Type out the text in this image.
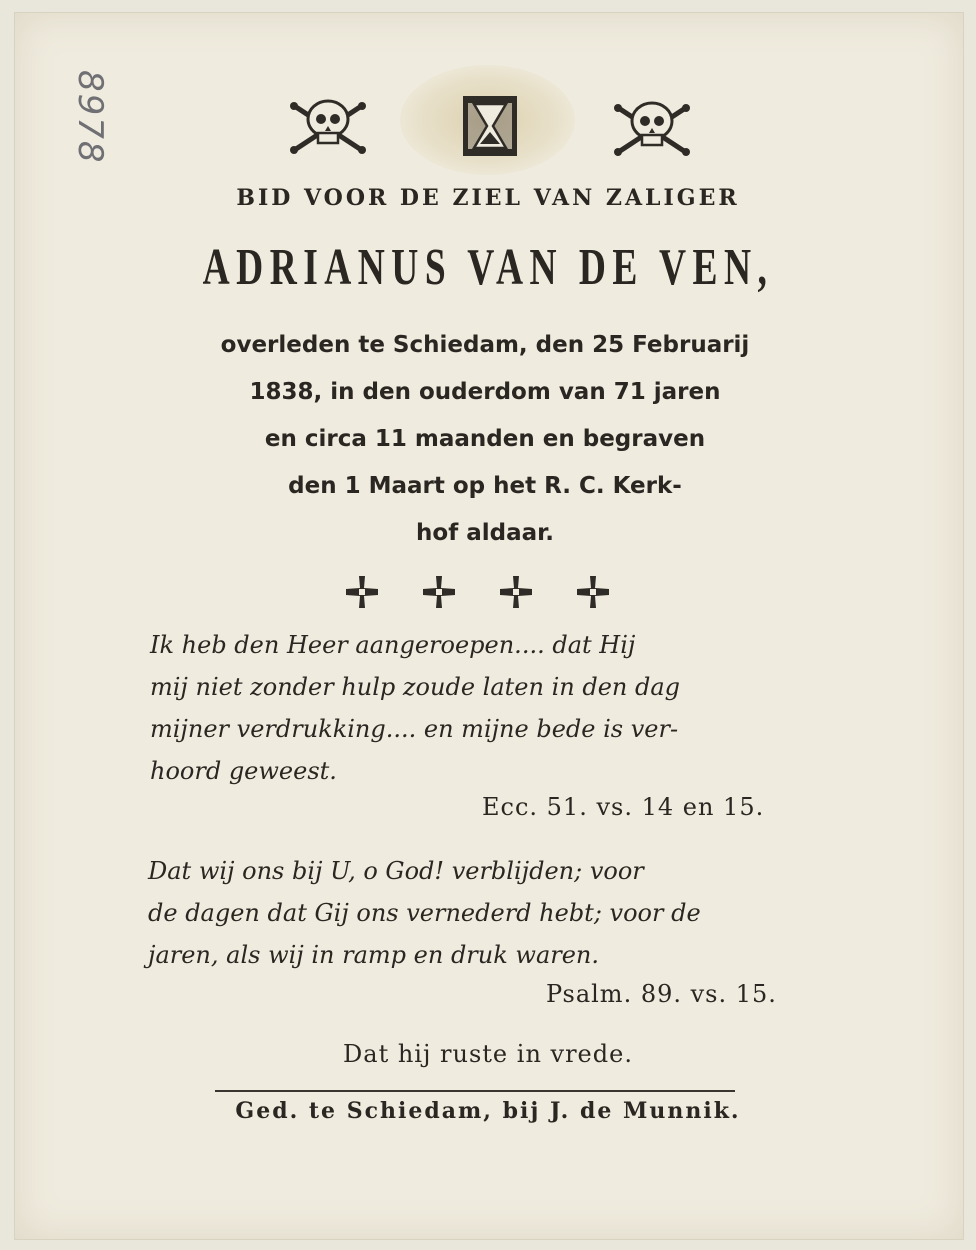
8978
BID VOOR DE ZIEL VAN ZALIGER
ADRIANUS VAN DE VEN,
overleden te Schiedam, den 25 Februarij
1838, in den ouderdom van 71 jaren
en circa 11 maanden en begraven
den 1 Maart op het R. C. Kerk-
hof aldaar.
Ik heb den Heer aangeroepen.... dat Hij
mij niet zonder hulp zoude laten in den dag
mijner verdrukking.... en mijne bede is ver-
hoord geweest.
Ecc. 51. vs. 14 en 15.
Dat wij ons bij U, o God! verblijden; voor
de dagen dat Gij ons vernederd hebt; voor de
jaren, als wij in ramp en druk waren.
Psalm. 89. vs. 15.
Dat hij ruste in vrede.
Ged. te Schiedam, bij J. de Munnik.
